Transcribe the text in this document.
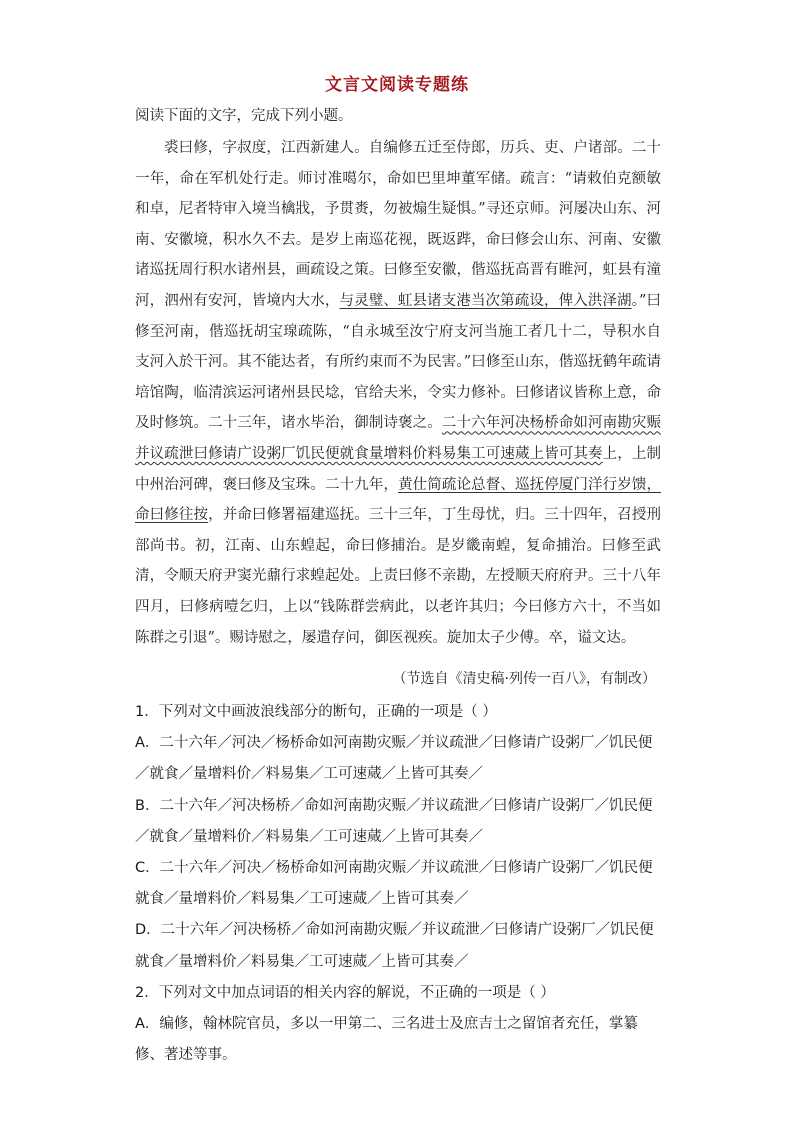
文言文阅读专题练
阅读下面的文字，完成下列小题。

裘曰修，字叔度，江西新建人。自编修五迁至侍郎，历兵、吏、户诸部。二十一年，命在军机处行走。师讨准噶尔，命如巴里坤董军储。疏言：“请敕伯克额敏和卓，尼者特审入境当檎戕，予贯赉，勿被煽生疑惧。”寻还京师。河屡决山东、河南、安徽境，积水久不去。是岁上南巡花视，既返跸，命曰修会山东、河南、安徽诸巡抚周行积水诸州县，画疏设之策。曰修至安徽，偕巡抚高晋有睢河，虹县有潼河，泗州有安河，皆境内大水，与灵璧、虹县诸支港当次第疏设，俾入洪泽湖。”曰修至河南，偕巡抚胡宝瑔疏陈，“自永城至汝宁府支河当施工者几十二，导积水自支河入於干河。其不能达者，有所约束而不为民害。”曰修至山东，偕巡抚鹤年疏请培馆陶，临清滨运河诸州县民埝，官给夫米，令实力修补。曰修诸议皆称上意，命及时修筑。二十三年，诸水毕治，御制诗褒之。二十六年河决杨桥命如河南勘灾赈并议疏泄曰修请广设粥厂饥民便就食量增料价料易集工可速蒇上皆可其奏上，上制中州治河碑，褒曰修及宝珠。二十九年，黄仕简疏论总督、巡抚停厦门洋行岁馈，命曰修往按，并命曰修署福建巡抚。三十三年，丁生母忧，归。三十四年，召授刑部尚书。初，江南、山东蝗起，命曰修捕治。是岁畿南蝗，复命捕治。曰修至武清，令顺天府尹窦光鼐行求蝗起处。上责曰修不亲勘，左授顺天府府尹。三十八年四月，曰修病噎乞归，上以“钱陈群尝病此，以老许其归；今曰修方六十，不当如陈群之引退”。赐诗慰之，屡遣存问，御医视疾。旋加太子少傅。卒，谥文达。

（节选自《清史稿·列传一百八》，有制改）

1．下列对文中画波浪线部分的断句，正确的一项是（ ）

A．二十六年／河决／杨桥命如河南勘灾赈／并议疏泄／曰修请广设粥厂／饥民便／就食／量增料价／料易集／工可速蒇／上皆可其奏／

B．二十六年／河决杨桥／命如河南勘灾赈／并议疏泄／曰修请广设粥厂／饥民便／就食／量增料价／料易集／工可速蒇／上皆可其奏／

C．二十六年／河决／杨桥命如河南勘灾赈／并议疏泄／曰修请广设粥厂／饥民便就食／量增料价／料易集／工可速蒇／上皆可其奏／

D．二十六年／河决杨桥／命如河南勘灾赈／并议疏泄／曰修请广设粥厂／饥民便就食／量增料价／料易集／工可速蒇／上皆可其奏／

2．下列对文中加点词语的相关内容的解说，不正确的一项是（ ）

A．编修，翰林院官员，多以一甲第二、三名进士及庶吉士之留馆者充任，掌纂修、著述等事。
